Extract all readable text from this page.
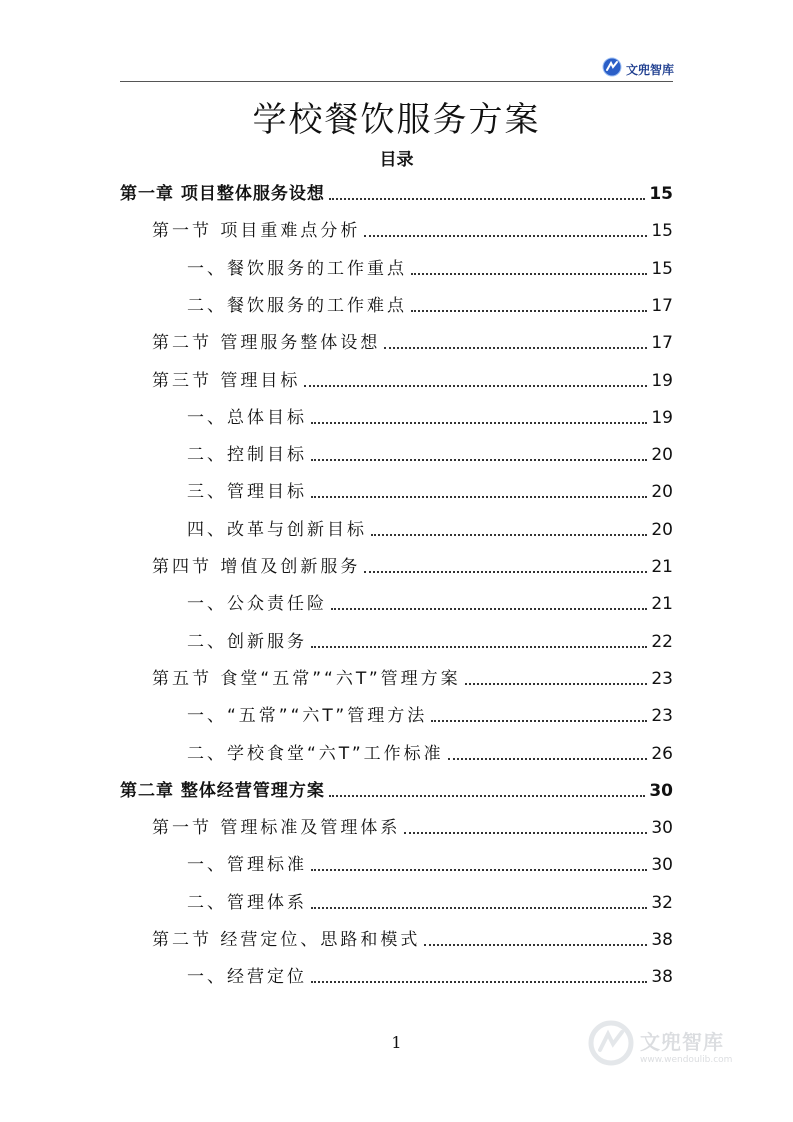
文兜智库
学校餐饮服务方案
目录
第一章 项目整体服务设想	15
第一节 项目重难点分析	15
一、餐饮服务的工作重点	15
二、餐饮服务的工作难点	17
第二节 管理服务整体设想	17
第三节 管理目标	19
一、总体目标	19
二、控制目标	20
三、管理目标	20
四、改革与创新目标	20
第四节 增值及创新服务	21
一、公众责任险	21
二、创新服务	22
第五节 食堂“五常”“六T”管理方案	23
一、“五常”“六T”管理方法	23
二、学校食堂“六T”工作标准	26
第二章 整体经营管理方案	30
第一节 管理标准及管理体系	30
一、管理标准	30
二、管理体系	32
第二节 经营定位、思路和模式	38
一、经营定位	38
1	文兜智库
www.wendoulib.com
